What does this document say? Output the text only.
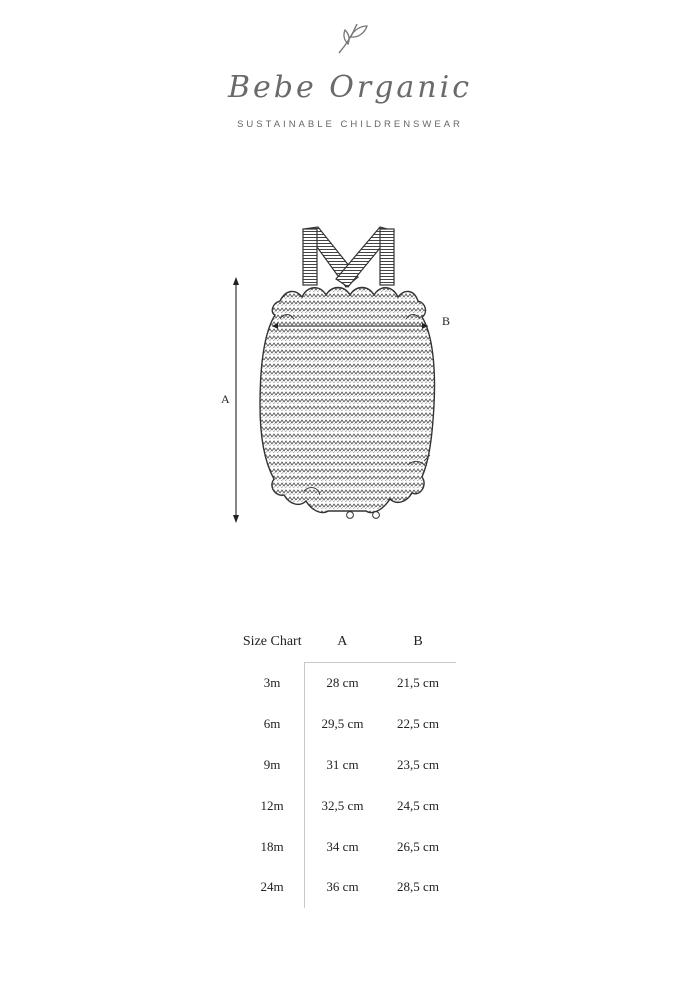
Bebe Organic
SUSTAINABLE CHILDRENSWEAR
A
B
Size Chart	A	B

3m	28 cm	21,5 cm
6m	29,5 cm	22,5 cm
9m	31 cm	23,5 cm
12m	32,5 cm	24,5 cm
18m	34 cm	26,5 cm
24m	36 cm	28,5 cm
